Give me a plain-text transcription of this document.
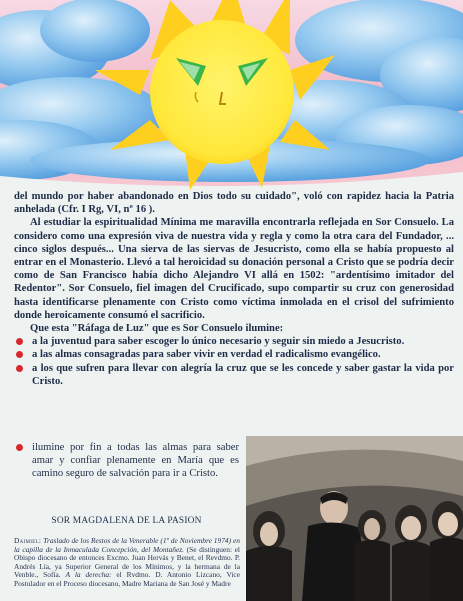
del mundo por haber abandonado en Dios todo su cuidado", voló con rapidez hacia la Patria anhelada (Cfr. I Rg, VI, nº 16 ).

Al estudiar la espiritualidad Mínima me maravilla encontrarla reflejada en Sor Consuelo. La considero como una expresión viva de nuestra vida y regla y como la otra cara del Fundador, ... cinco siglos después... Una sierva de las siervas de Jesucristo, como ella se había propuesto al entrar en el Monasterio. Llevó a tal heroicidad su donación personal a Cristo que se podría decir como de San Francisco había dicho Alejandro VI allá en 1502: "ardentísimo imitador del Redentor". Sor Consuelo, fiel imagen del Crucificado, supo compartir su cruz con generosidad hasta identificarse plenamente con Cristo como víctima inmolada en el crisol del sufrimiento donde heroicamente consumó el sacrificio.

Que esta "Ráfaga de Luz" que es Sor Consuelo ilumine:

a la juventud para saber escoger lo único necesario y seguir sin miedo a Jesucristo.
a las almas consagradas para saber vivir en verdad el radicalismo evangélico.
a los que sufren para llevar con alegría la cruz que se les concede y saber gastar la vida por Cristo.
ilumine por fin a todas las almas para saber amar y confiar plenamente en María que es camino seguro de salvación para ir a Cristo.
SOR MAGDALENA DE LA PASION
Daimiel: Traslado de los Restos de la Venerable (1º de Noviembre 1974) en la capilla de la Inmaculada Concepción, del Montañez. (Se distinguen: el Obispo diocesano de entonces Excmo. Juan Hervás y Benet, el Revdmo. P. Andrés Lía, ya Superior General de los Mínimos, y la hermana de la Venble., Sofía. A la derecha: el Rvdmo. D. Antonio Lizcano, Vice Postulador en el Proceso diocesano, Madre Mariana de San José y Madre
